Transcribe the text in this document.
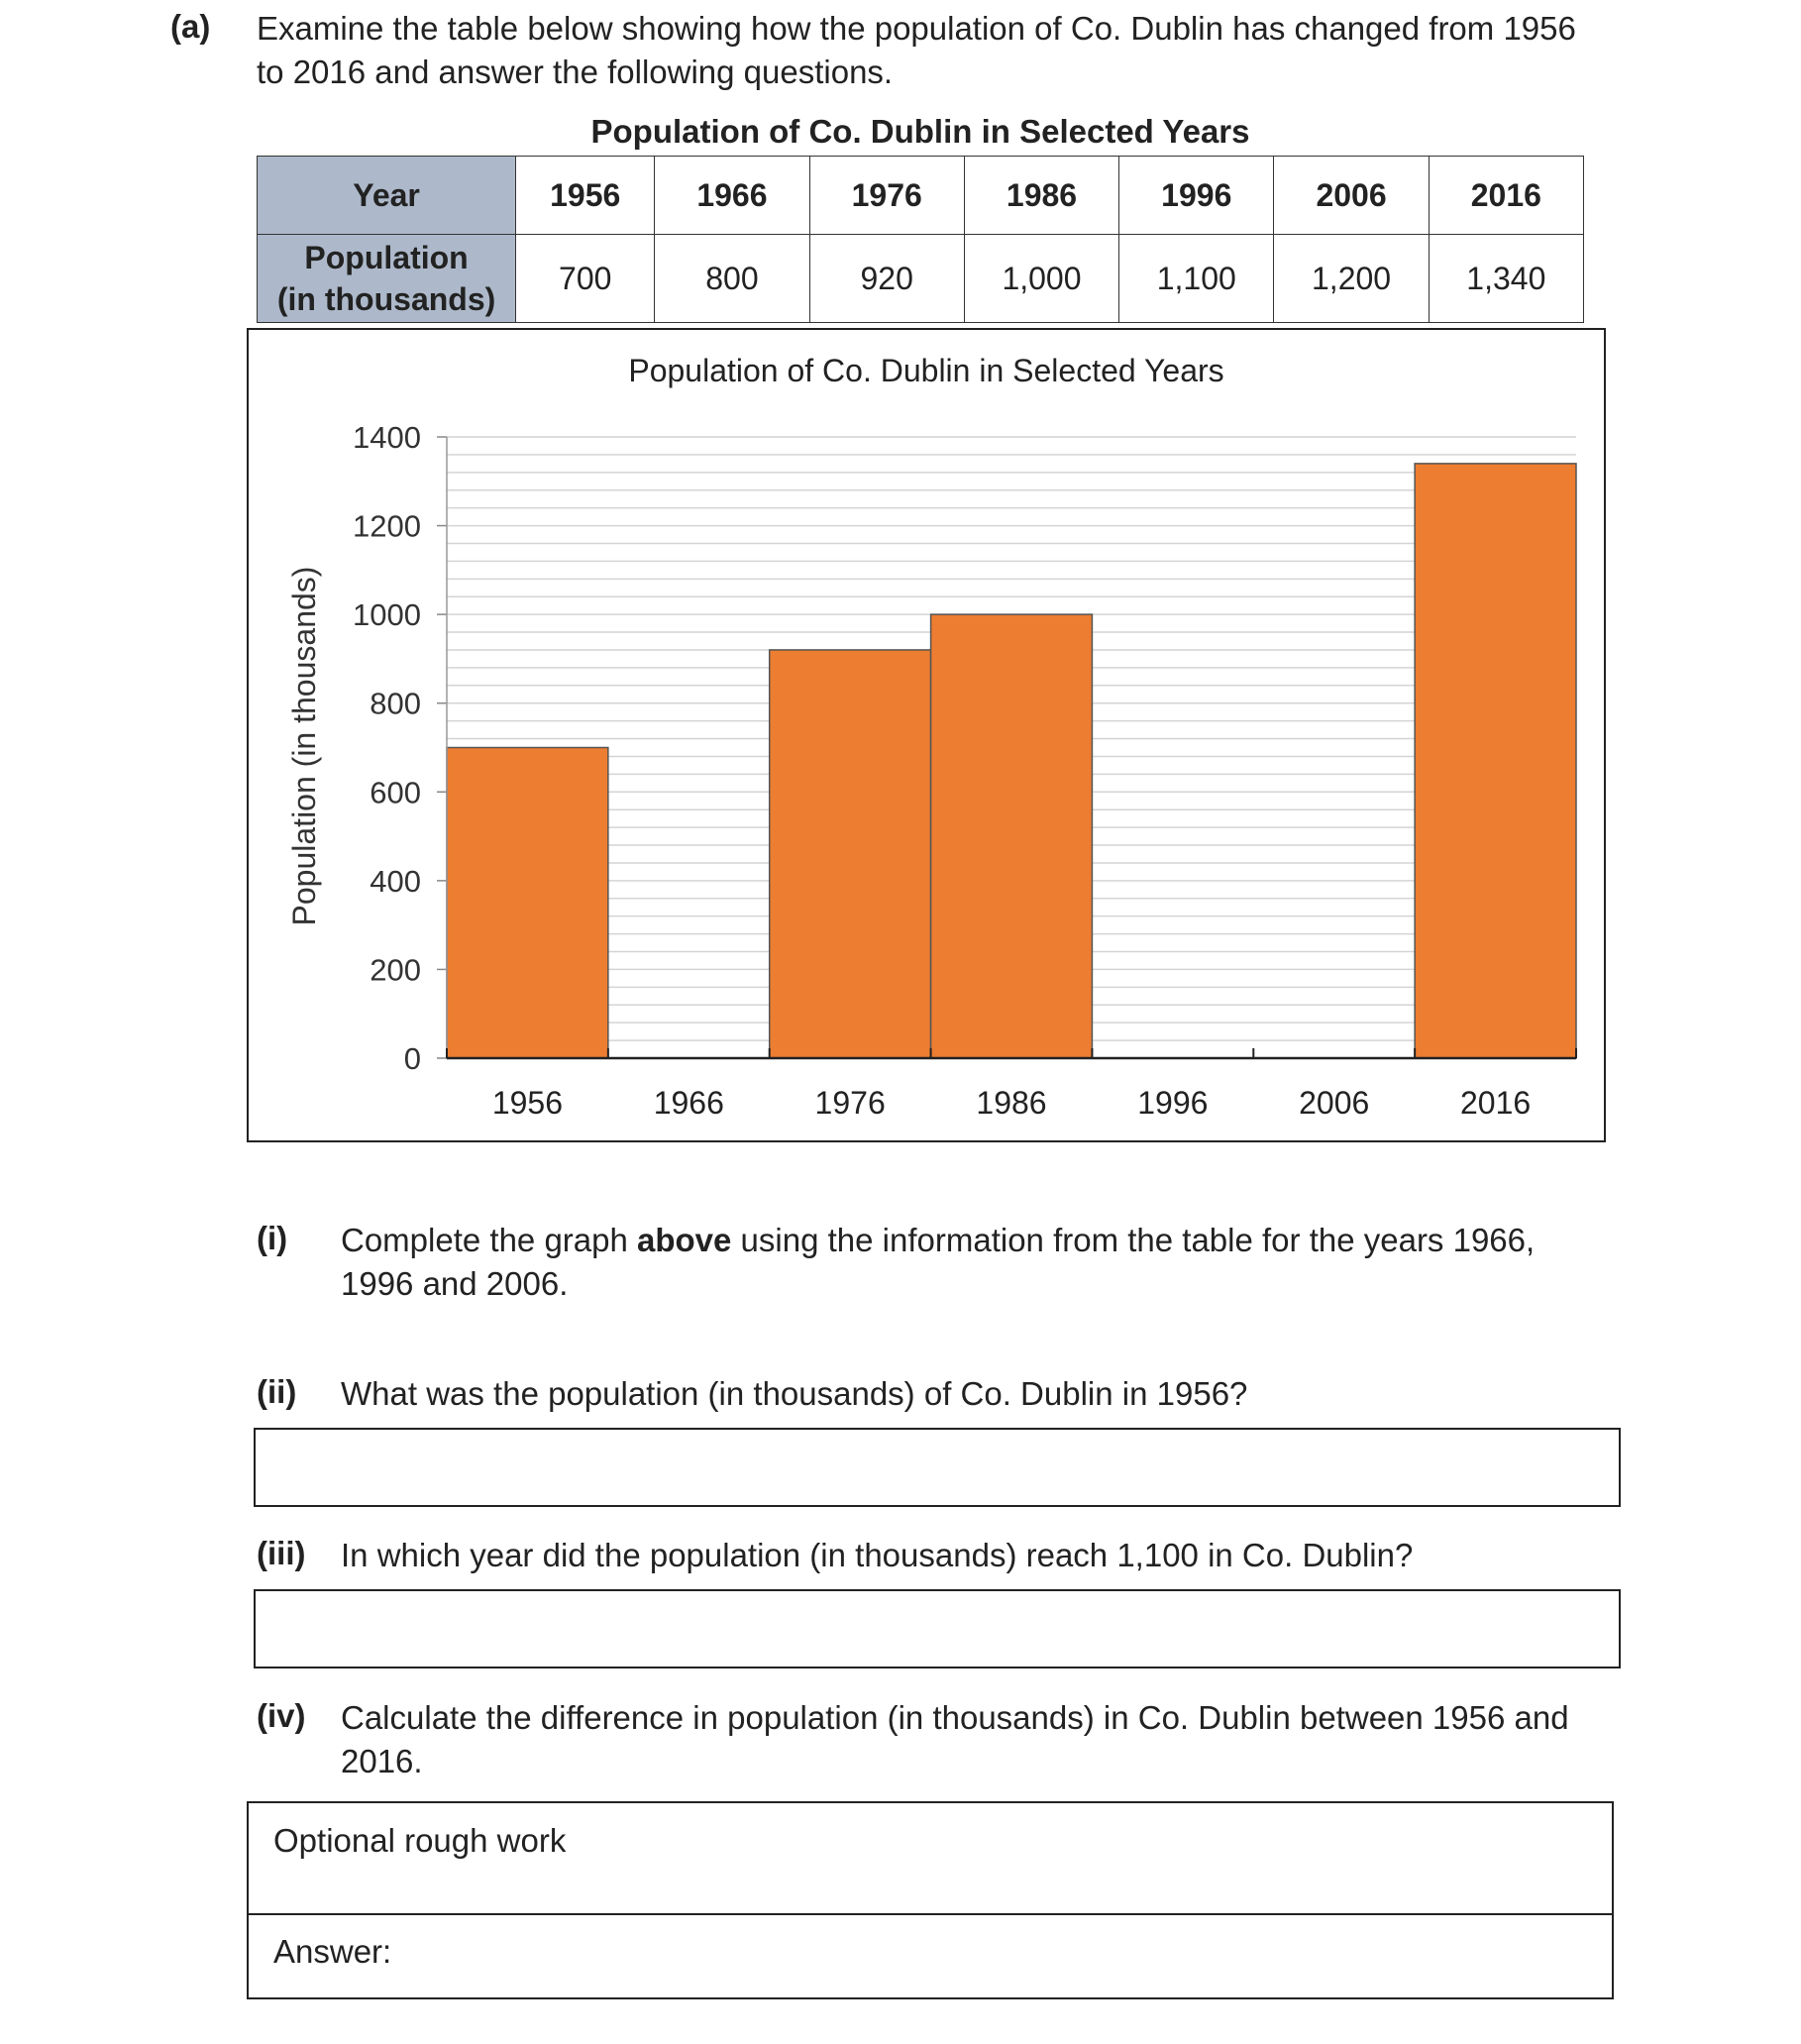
(a) Examine the table below showing how the population of Co. Dublin has changed from 1956
to 2016 and answer the following questions.
Population of Co. Dublin in Selected Years
Year	1956	1966	1976	1986	1996	2006	2016
Population
(in thousands)	700	800	920	1,000	1,100	1,200	1,340
Population of Co. Dublin in Selected Years
Population (in thousands)
0
200
400
600
800
1000
1200
1400
1956	1966	1976	1986	1996	2006	2016
(i) Complete the graph above using the information from the table for the years 1966,
1996 and 2006.
(ii) What was the population (in thousands) of Co. Dublin in 1956?
(iii) In which year did the population (in thousands) reach 1,100 in Co. Dublin?
(iv) Calculate the difference in population (in thousands) in Co. Dublin between 1956 and
2016.
Optional rough work
Answer:
